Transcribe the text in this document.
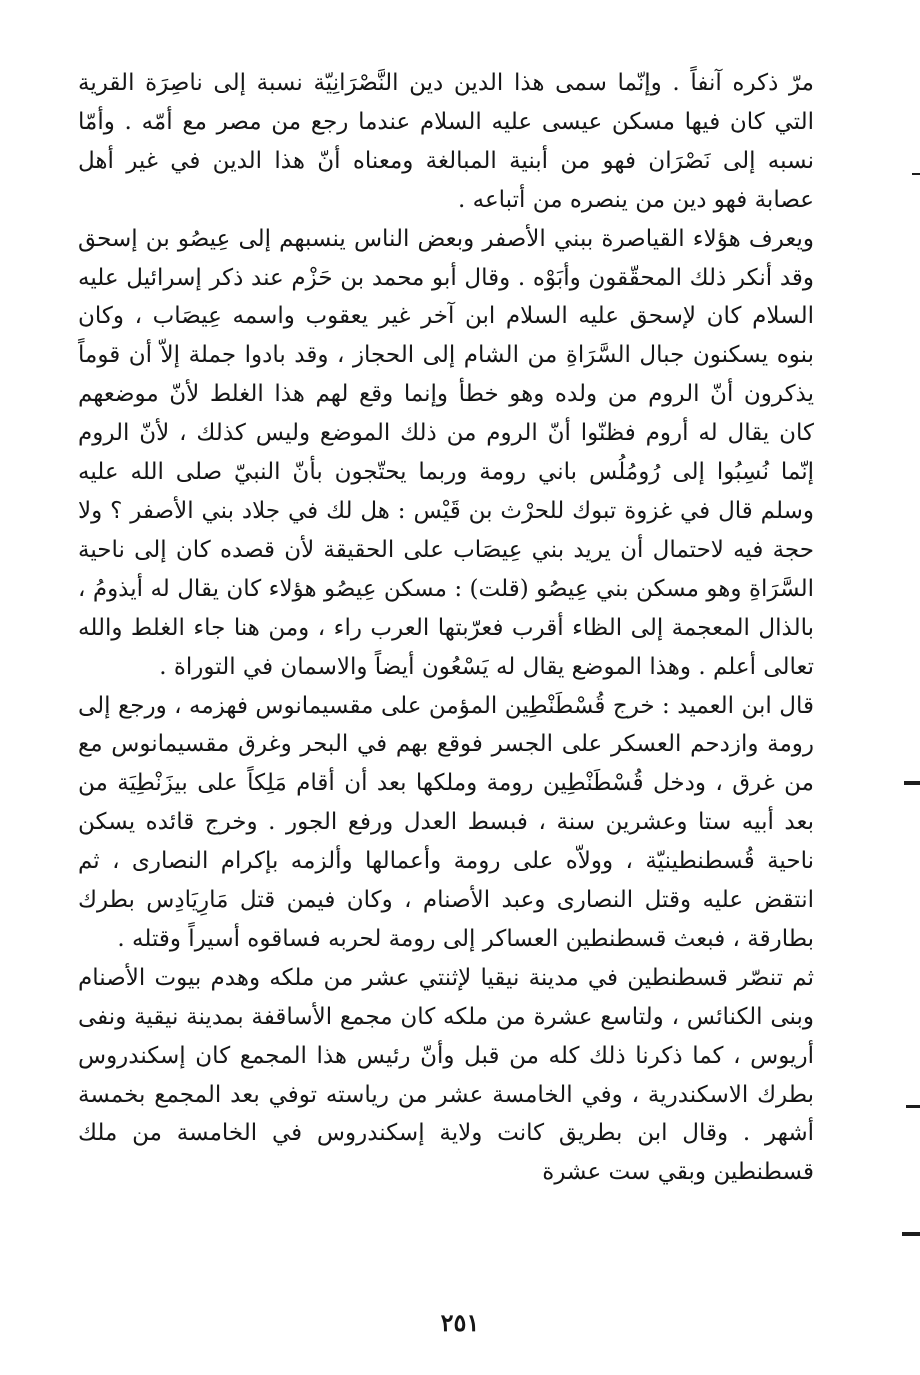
مرّ ذكره آنفاً . وإنّما سمى هذا الدين دين النَّصْرَانِيّة نسبة إلى ناصِرَة القرية التي كان فيها مسكن عيسى عليه السلام عندما رجع من مصر مع أمّه . وأمّا نسبه إلى نَصْرَان فهو من أبنية المبالغة ومعناه أنّ هذا الدين في غير أهل عصابة فهو دين من ينصره من أتباعه .

ويعرف هؤلاء القياصرة ببني الأصفر وبعض الناس ينسبهم إلى عِيصُو بن إسحق وقد أنكر ذلك المحقّقون وأبَوْه . وقال أبو محمد بن حَزْم عند ذكر إسرائيل عليه السلام كان لإسحق عليه السلام ابن آخر غير يعقوب واسمه عِيصَاب ، وكان بنوه يسكنون جبال السَّرَاةِ من الشام إلى الحجاز ، وقد بادوا جملة إلاّ أن قوماً يذكرون أنّ الروم من ولده وهو خطأ وإنما وقع لهم هذا الغلط لأنّ موضعهم كان يقال له أروم فظنّوا أنّ الروم من ذلك الموضع وليس كذلك ، لأنّ الروم إنّما نُسِبُوا إلى رُومُلُس باني رومة وربما يحتّجون بأنّ النبيّ صلى الله عليه وسلم قال في غزوة تبوك للحرْث بن قَيْس : هل لك في جلاد بني الأصفر ؟ ولا حجة فيه لاحتمال أن يريد بني عِيصَاب على الحقيقة لأن قصده كان إلى ناحية السَّرَاةِ وهو مسكن بني عِيصُو (قلت) : مسكن عِيصُو هؤلاء كان يقال له أيذومُ ، بالذال المعجمة إلى الظاء أقرب فعرّبتها العرب راء ، ومن هنا جاء الغلط والله تعالى أعلم . وهذا الموضع يقال له يَسْعُون أيضاً والاسمان في التوراة .

قال ابن العميد : خرج قُسْطَنْطِين المؤمن على مقسيمانوس فهزمه ، ورجع إلى رومة وازدحم العسكر على الجسر فوقع بهم في البحر وغرق مقسيمانوس مع من غرق ، ودخل قُسْطَنْطِين رومة وملكها بعد أن أقام مَلِكاً على بيزَنْطِيَة من بعد أبيه ستا وعشرين سنة ، فبسط العدل ورفع الجور . وخرج قائده يسكن ناحية قُسطنطينيّة ، وولاّه على رومة وأعمالها وألزمه بإكرام النصارى ، ثم انتقض عليه وقتل النصارى وعبد الأصنام ، وكان فيمن قتل مَارِيَادِس بطرك بطارقة ، فبعث قسطنطين العساكر إلى رومة لحربه فساقوه أسيراً وقتله .

ثم تنصّر قسطنطين في مدينة نيقيا لإثنتي عشر من ملكه وهدم بيوت الأصنام وبنى الكنائس ، ولتاسع عشرة من ملكه كان مجمع الأساقفة بمدينة نيقية ونفى أريوس ، كما ذكرنا ذلك كله من قبل وأنّ رئيس هذا المجمع كان إسكندروس بطرك الاسكندرية ، وفي الخامسة عشر من رياسته توفي بعد المجمع بخمسة أشهر . وقال ابن بطريق كانت ولاية إسكندروس في الخامسة من ملك قسطنطين وبقي ست عشرة

٢٥١
